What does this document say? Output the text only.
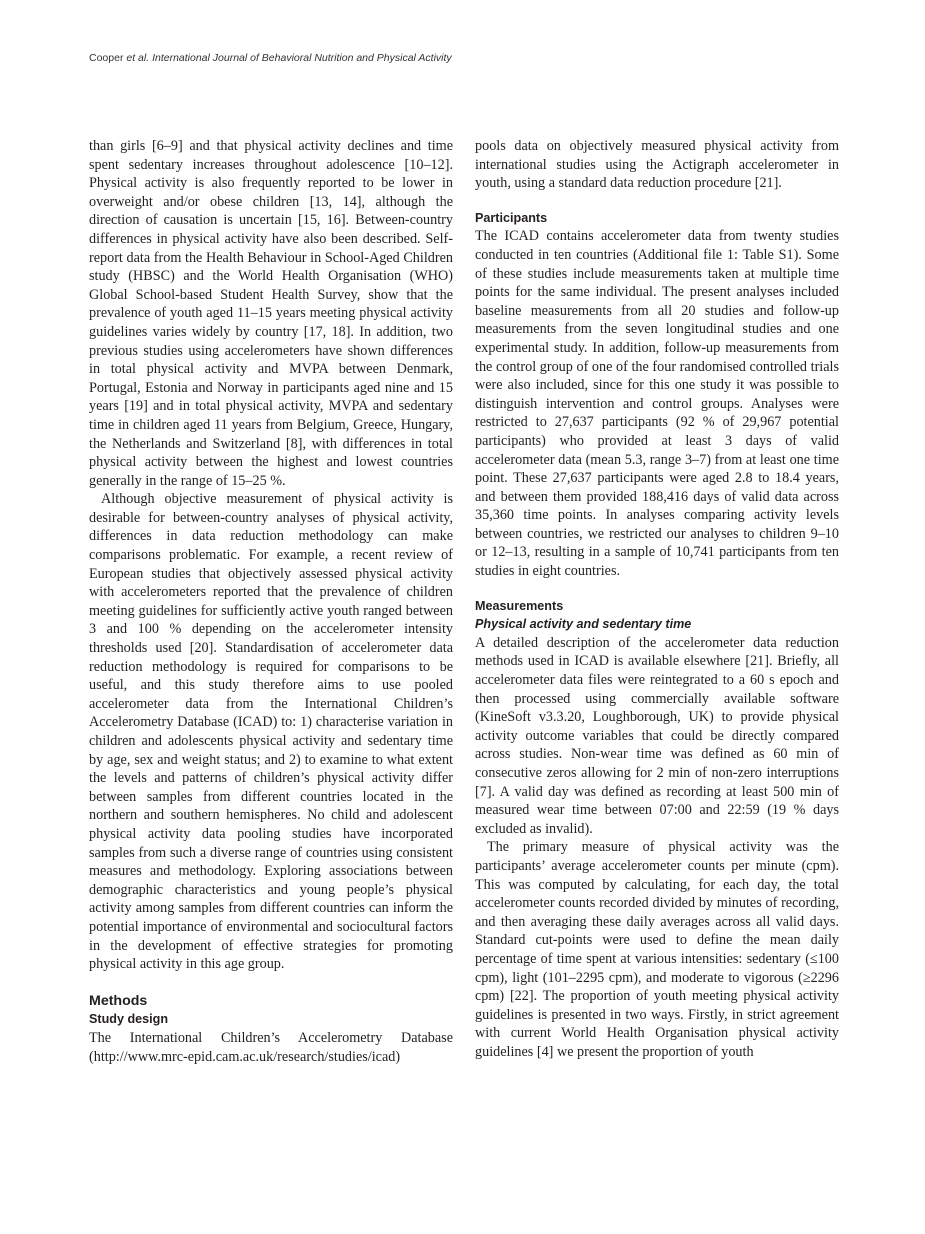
Cooper et al. International Journal of Behavioral Nutrition and Physical Activity

than girls [6–9] and that physical activity declines and time spent sedentary increases throughout adolescence [10–12]. Physical activity is also frequently reported to be lower in overweight and/or obese children [13, 14], although the direction of causation is uncertain [15, 16]. Between-country differences in physical activity have also been described. Self-report data from the Health Behaviour in School-Aged Children study (HBSC) and the World Health Organisation (WHO) Global School-based Student Health Survey, show that the prevalence of youth aged 11–15 years meeting physical activity guidelines varies widely by country [17, 18]. In addition, two previous studies using accelerometers have shown differences in total physical activity and MVPA between Denmark, Portugal, Estonia and Norway in participants aged nine and 15 years [19] and in total physical activity, MVPA and sedentary time in children aged 11 years from Belgium, Greece, Hungary, the Netherlands and Switzerland [8], with differences in total physical activity between the highest and lowest countries generally in the range of 15–25 %.

Although objective measurement of physical activity is desirable for between-country analyses of physical activity, differences in data reduction methodology can make comparisons problematic. For example, a recent review of European studies that objectively assessed physical activity with accelerometers reported that the prevalence of children meeting guidelines for sufficiently active youth ranged between 3 and 100 % depending on the accelerometer intensity thresholds used [20]. Standardisation of accelerometer data reduction methodology is required for comparisons to be useful, and this study therefore aims to use pooled accelerometer data from the International Children’s Accelerometry Database (ICAD) to: 1) characterise variation in children and adolescents physical activity and sedentary time by age, sex and weight status; and 2) to examine to what extent the levels and patterns of children’s physical activity differ between samples from different countries located in the northern and southern hemispheres. No child and adolescent physical activity data pooling studies have incorporated samples from such a diverse range of countries using consistent measures and methodology. Exploring associations between demographic characteristics and young people’s physical activity among samples from different countries can inform the potential importance of environmental and sociocultural factors in the development of effective strategies for promoting physical activity in this age group.

Methods
Study design

The International Children’s Accelerometry Database (http://www.mrc-epid.cam.ac.uk/research/studies/icad)

pools data on objectively measured physical activity from international studies using the Actigraph accelerometer in youth, using a standard data reduction procedure [21].

Participants

The ICAD contains accelerometer data from twenty studies conducted in ten countries (Additional file 1: Table S1). Some of these studies include measurements taken at multiple time points for the same individual. The present analyses included baseline measurements from all 20 studies and follow-up measurements from the seven longitudinal studies and one experimental study. In addition, follow-up measurements from the control group of one of the four randomised controlled trials were also included, since for this one study it was possible to distinguish intervention and control groups. Analyses were restricted to 27,637 participants (92 % of 29,967 potential participants) who provided at least 3 days of valid accelerometer data (mean 5.3, range 3–7) from at least one time point. These 27,637 participants were aged 2.8 to 18.4 years, and between them provided 188,416 days of valid data across 35,360 time points. In analyses comparing activity levels between countries, we restricted our analyses to children 9–10 or 12–13, resulting in a sample of 10,741 participants from ten studies in eight countries.

Measurements
Physical activity and sedentary time

A detailed description of the accelerometer data reduction methods used in ICAD is available elsewhere [21]. Briefly, all accelerometer data files were reintegrated to a 60 s epoch and then processed using commercially available software (KineSoft v3.3.20, Loughborough, UK) to provide physical activity outcome variables that could be directly compared across studies. Non-wear time was defined as 60 min of consecutive zeros allowing for 2 min of non-zero interruptions [7]. A valid day was defined as recording at least 500 min of measured wear time between 07:00 and 22:59 (19 % days excluded as invalid).

The primary measure of physical activity was the participants’ average accelerometer counts per minute (cpm). This was computed by calculating, for each day, the total accelerometer counts recorded divided by minutes of recording, and then averaging these daily averages across all valid days. Standard cut-points were used to define the mean daily percentage of time spent at various intensities: sedentary (≤100 cpm), light (101–2295 cpm), and moderate to vigorous (≥2296 cpm) [22]. The proportion of youth meeting physical activity guidelines is presented in two ways. Firstly, in strict agreement with current World Health Organisation physical activity guidelines [4] we present the proportion of youth
